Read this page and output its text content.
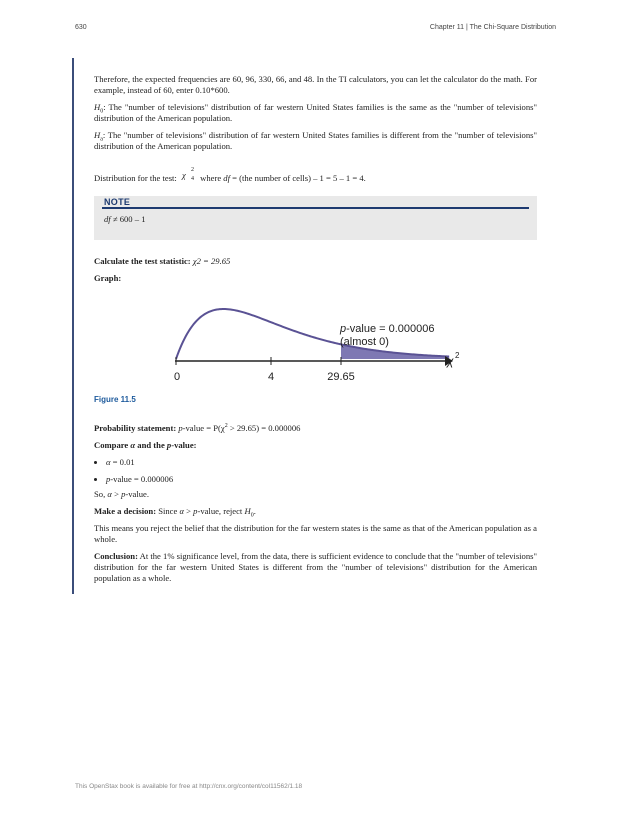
630	Chapter 11 | The Chi-Square Distribution

Therefore, the expected frequencies are 60, 96, 330, 66, and 48. In the TI calculators, you can let the calculator do the math. For example, instead of 60, enter 0.10*600.

$H_0$: The "number of televisions" distribution of far western United States families is the same as the "number of televisions" distribution of the American population.

$H_a$: The "number of televisions" distribution of far western United States families is different from the "number of televisions" distribution of the American population.

Distribution for the test: χ 2
4 where df = (the number of cells) – 1 = 5 – 1 = 4.

NOTE
df ≠ 600 – 1

Calculate the test statistic: χ2 = 29.65

Graph:

0	4	29.65
χ 2
p-value = 0.000006
(almost 0)
Figure 11.5

Probability statement: p-value = $P(\chi^2 > 29.65) = 0.000006$

Compare α and the p-value:

• α = 0.01
• p-value = 0.000006

So, α > p-value.

Make a decision: Since α > p-value, reject $H_0$.

This means you reject the belief that the distribution for the far western states is the same as that of the American population as a whole.

Conclusion: At the 1% significance level, from the data, there is sufficient evidence to conclude that the "number of televisions" distribution for the far western United States is different from the "number of televisions" distribution for the American population as a whole.

This OpenStax book is available for free at http://cnx.org/content/col11562/1.18
